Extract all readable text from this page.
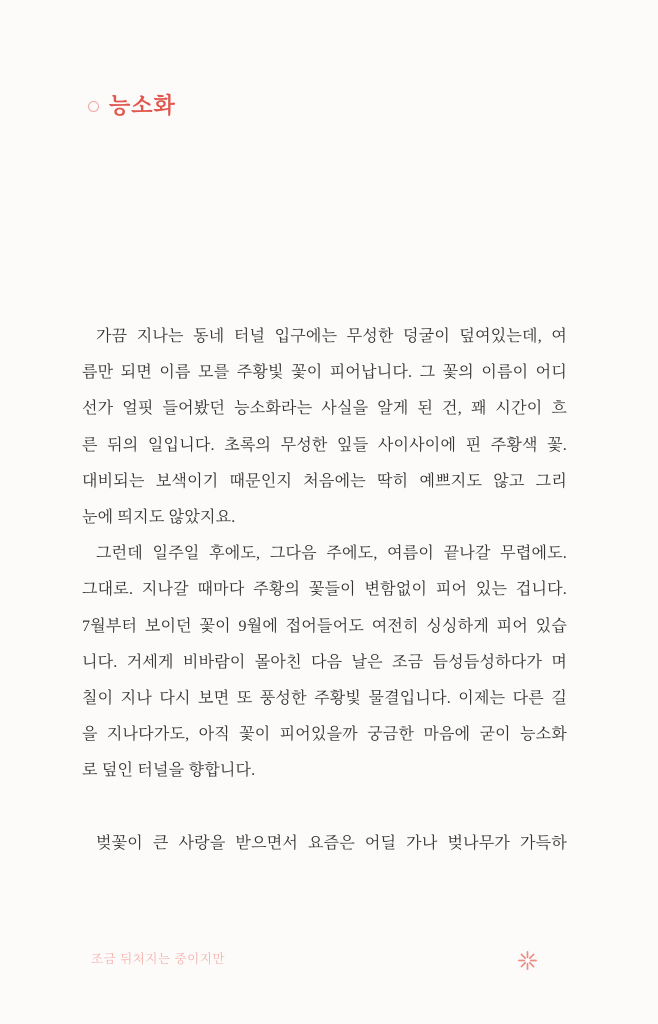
능소화
가끔 지나는 동네 터널 입구에는 무성한 덩굴이 덮여있는데, 여
름만 되면 이름 모를 주황빛 꽃이 피어납니다. 그 꽃의 이름이 어디
선가 얼핏 들어봤던 능소화라는 사실을 알게 된 건, 꽤 시간이 흐
른 뒤의 일입니다. 초록의 무성한 잎들 사이사이에 핀 주황색 꽃.
대비되는 보색이기 때문인지 처음에는 딱히 예쁘지도 않고 그리
눈에 띄지도 않았지요.
그런데 일주일 후에도, 그다음 주에도, 여름이 끝나갈 무렵에도.
그대로. 지나갈 때마다 주황의 꽃들이 변함없이 피어 있는 겁니다.
7월부터 보이던 꽃이 9월에 접어들어도 여전히 싱싱하게 피어 있습
니다. 거세게 비바람이 몰아친 다음 날은 조금 듬성듬성하다가 며
칠이 지나 다시 보면 또 풍성한 주황빛 물결입니다. 이제는 다른 길
을 지나다가도, 아직 꽃이 피어있을까 궁금한 마음에 굳이 능소화
로 덮인 터널을 향합니다.
벚꽃이 큰 사랑을 받으면서 요즘은 어딜 가나 벚나무가 가득하
조금 뒤처지는 중이지만
